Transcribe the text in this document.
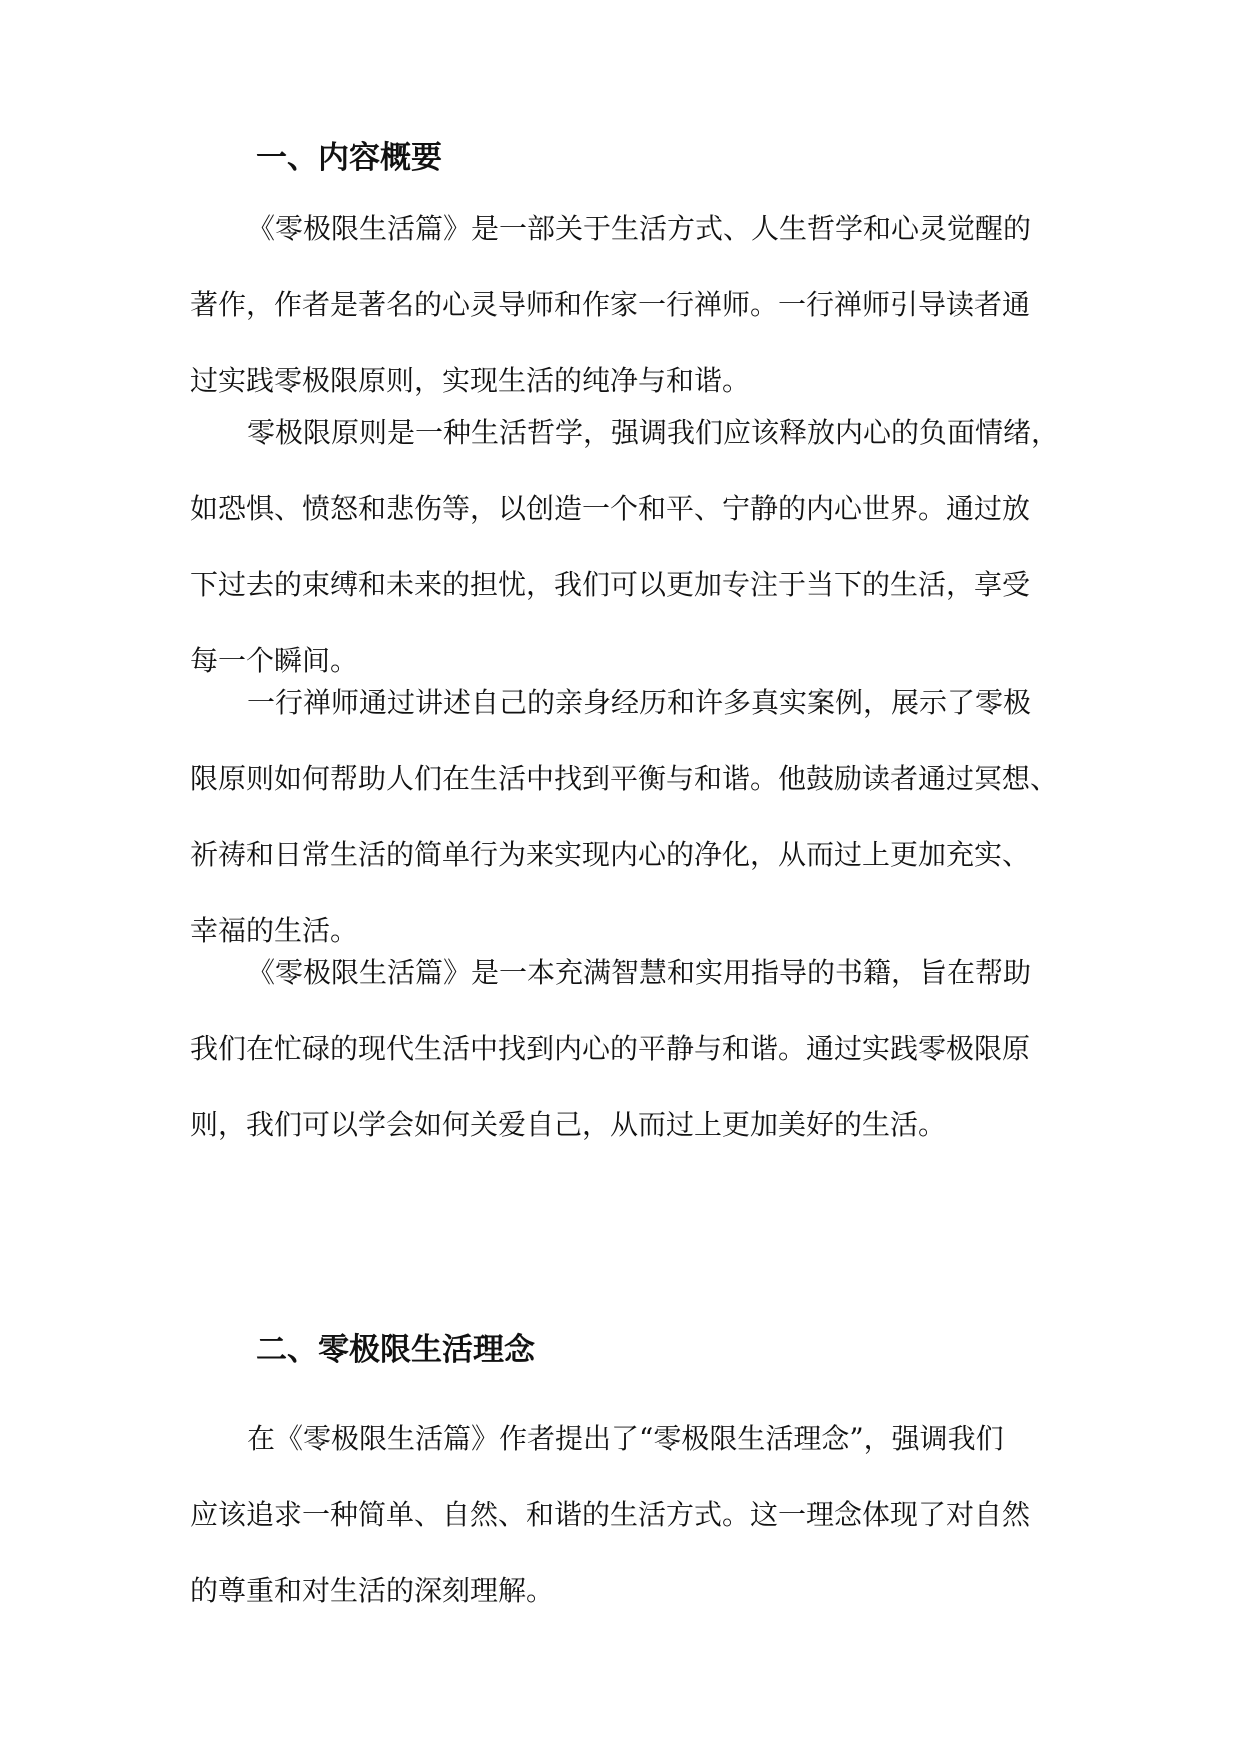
一、内容概要
《零极限生活篇》是一部关于生活方式、人生哲学和心灵觉醒的
著作，作者是著名的心灵导师和作家一行禅师。一行禅师引导读者通
过实践零极限原则，实现生活的纯净与和谐。
零极限原则是一种生活哲学，强调我们应该释放内心的负面情绪，
如恐惧、愤怒和悲伤等，以创造一个和平、宁静的内心世界。通过放
下过去的束缚和未来的担忧，我们可以更加专注于当下的生活，享受
每一个瞬间。
一行禅师通过讲述自己的亲身经历和许多真实案例，展示了零极
限原则如何帮助人们在生活中找到平衡与和谐。他鼓励读者通过冥想、
祈祷和日常生活的简单行为来实现内心的净化，从而过上更加充实、
幸福的生活。
《零极限生活篇》是一本充满智慧和实用指导的书籍，旨在帮助
我们在忙碌的现代生活中找到内心的平静与和谐。通过实践零极限原
则，我们可以学会如何关爱自己，从而过上更加美好的生活。
二、零极限生活理念
在《零极限生活篇》作者提出了“零极限生活理念”，强调我们
应该追求一种简单、自然、和谐的生活方式。这一理念体现了对自然
的尊重和对生活的深刻理解。
